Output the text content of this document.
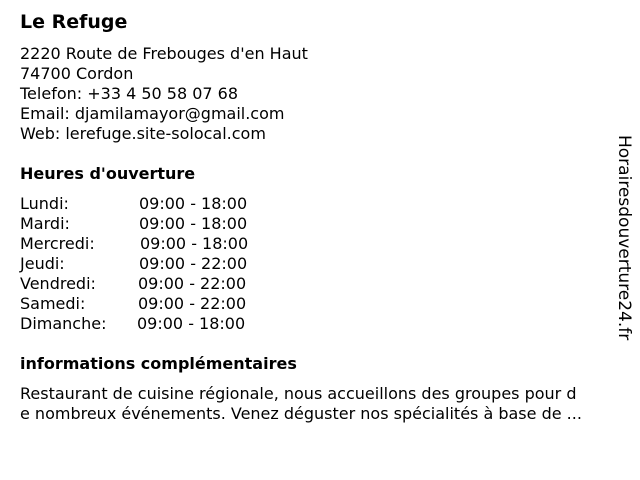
Le Refuge
2220 Route de Frebouges d'en Haut
74700 Cordon
Telefon: +33 4 50 58 07 68
Email: djamilamayor@gmail.com
Web: lerefuge.site-solocal.com
Heures d'ouverture
Lundi:	09:00 - 18:00
Mardi:	09:00 - 18:00
Mercredi:	09:00 - 18:00
Jeudi:	09:00 - 22:00
Vendredi:	09:00 - 22:00
Samedi:	09:00 - 22:00
Dimanche: 09:00 - 18:00
informations complémentaires
Restaurant de cuisine régionale, nous accueillons des groupes pour d
e nombreux événements. Venez déguster nos spécialités à base de ...
Horairesdouverture24.fr
